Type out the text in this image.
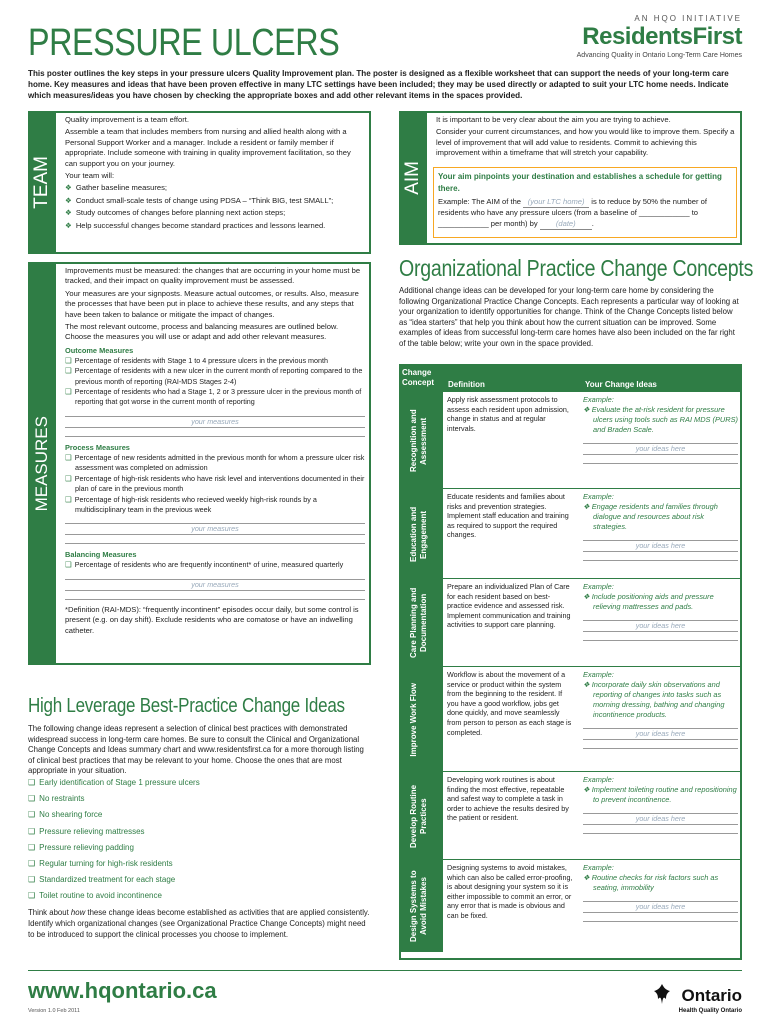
PRESSURE ULCERS
AN HQO INITIATIVE
ResidentsFirst
Advancing Quality in Ontario Long-Term Care Homes
This poster outlines the key steps in your pressure ulcers Quality Improvement plan. The poster is designed as a flexible worksheet that can support the needs of your long-term care home. Key measures and ideas that have been proven effective in many LTC settings have been included; they may be used directly or adapted to suit your LTC home needs. Indicate which measures/ideas you have chosen by checking the appropriate boxes and add other relevant items in the spaces provided.
TEAM
Quality improvement is a team effort.
Assemble a team that includes members from nursing and allied health along with a Personal Support Worker and a manager. Include a resident or family member if appropriate. Include someone with training in quality improvement facilitation, so they can support you on your journey.
Your team will:
❖ Gather baseline measures;
❖ Conduct small-scale tests of change using PDSA – “Think BIG, test SMALL”;
❖ Study outcomes of changes before planning next action steps;
❖ Help successful changes become standard practices and lessons learned.
AIM
It is important to be very clear about the aim you are trying to achieve.
Consider your current circumstances, and how you would like to improve them. Specify a level of improvement that will add value to residents. Commit to achieving this improvement within a timeframe that will stretch your capability.
Your aim pinpoints your destination and establishes a schedule for getting there.
Example: The AIM of the (your LTC home) is to reduce by 50% the number of residents who have any pressure ulcers (from a baseline of ____________ to ____________ per month) by (date) .
MEASURES
Improvements must be measured: the changes that are occurring in your home must be tracked, and their impact on quality improvement must be assessed.
Your measures are your signposts. Measure actual outcomes, or results. Also, measure the processes that have been put in place to achieve these results, and any steps that have been taken to balance or mitigate the impact of changes.
The most relevant outcome, process and balancing measures are outlined below. Choose the measures you will use or adapt and add other relevant measures.
Outcome Measures
❑ Percentage of residents with Stage 1 to 4 pressure ulcers in the previous month
❑ Percentage of residents with a new ulcer in the current month of reporting compared to the previous month of reporting (RAI-MDS Stages 2-4)
❑ Percentage of residents who had a Stage 1, 2 or 3 pressure ulcer in the previous month of reporting that got worse in the current month of reporting
your measures
Process Measures
❑ Percentage of new residents admitted in the previous month for whom a pressure ulcer risk assessment was completed on admission
❑ Percentage of high-risk residents who have risk level and interventions documented in their plan of care in the previous month
❑ Percentage of high-risk residents who recieved weekly high-risk rounds by a multidisciplinary team in the previous week
your measures
Balancing Measures
❑ Percentage of residents who are frequently incontinent* of urine, measured quarterly
your measures
*Definition (RAI-MDS): “frequently incontinent” episodes occur daily, but some control is present (e.g. on day shift). Exclude residents who are comatose or have an indwelling catheter.
High Leverage Best-Practice Change Ideas
The following change ideas represent a selection of clinical best practices with demonstrated widespread success in long-term care homes. Be sure to consult the Clinical and Organizational Change Concepts and Ideas summary chart and www.residentsfirst.ca for a more thorough listing of clinical best practices that may be relevant to your home. Choose the ones that are most appropriate in your situation.
❑ Early identification of Stage 1 pressure ulcers
❑ No restraints
❑ No shearing force
❑ Pressure relieving mattresses
❑ Pressure relieving padding
❑ Regular turning for high-risk residents
❑ Standardized treatment for each stage
❑ Toilet routine to avoid incontinence
Think about how these change ideas become established as activities that are applied consistently. Identify which organizational changes (see Organizational Practice Change Concepts) might need to be introduced to support the clinical processes you choose to implement.
Organizational Practice Change Concepts
Additional change ideas can be developed for your long-term care home by considering the following Organizational Practice Change Concepts. Each represents a particular way of looking at your organization to identify opportunities for change. Think of the Change Concepts listed below as “idea starters” that help you think about how the current situation can be improved. Some examples of ideas from successful long-term care homes have also been included on the far right of the table below; write your own in the space provided.
Change Concept	Definition	Your Change Ideas
Recognition and Assessment
Apply risk assessment protocols to assess each resident upon admission, change in status and at regular intervals.
Example:
❖ Evaluate the at-risk resident for pressure ulcers using tools such as RAI MDS (PURS) and Braden Scale.
your ideas here
Education and Engagement
Educate residents and families about risks and prevention strategies. Implement staff education and training as required to support the required changes.
Example:
❖ Engage residents and families through dialogue and resources about risk strategies.
your ideas here
Care Planning and Documentation
Prepare an individualized Plan of Care for each resident based on best-practice evidence and assessed risk. Implement communication and training activities to support care planning.
Example:
❖ Include positioning aids and pressure relieving mattresses and pads.
your ideas here
Improve Work Flow
Workflow is about the movement of a service or product within the system from the beginning to the resident. If you have a good workflow, jobs get done quickly, and move seamlessly from person to person as each stage is completed.
Example:
❖ Incorporate daily skin observations and reporting of changes into tasks such as morning dressing, bathing and changing incontinence products.
your ideas here
Develop Routine Practices
Developing work routines is about finding the most effective, repeatable and safest way to complete a task in order to achieve the results desired by the patient or resident.
Example:
❖ Implement toileting routine and repositioning to prevent incontinence.
your ideas here
Design Systems to Avoid Mistakes
Designing systems to avoid mistakes, which can also be called error-proofing, is about designing your system so it is either impossible to commit an error, or any error that is made is obvious and can be fixed.
Example:
❖ Routine checks for risk factors such as seating, immobility
your ideas here
www.hqontario.ca
Version 1.0 Feb 2011
Ontario
Health Quality Ontario
